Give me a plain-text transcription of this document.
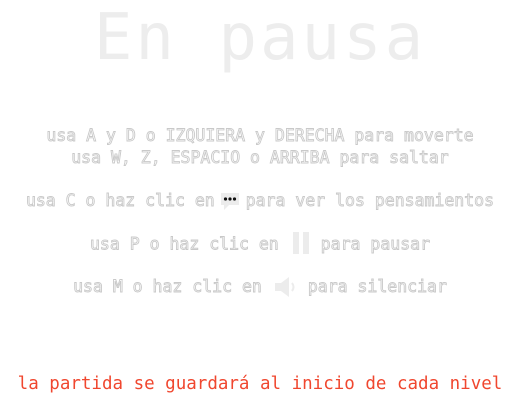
En pausa
usa A y D o IZQUIERA y DERECHA para moverte
usa W, Z, ESPACIO o ARRIBA para saltar
usa C o haz clic en para ver los pensamientos
usa P o haz clic en	para pausar
usa M o haz clic en	para silenciar
la partida se guardará al inicio de cada nivel
